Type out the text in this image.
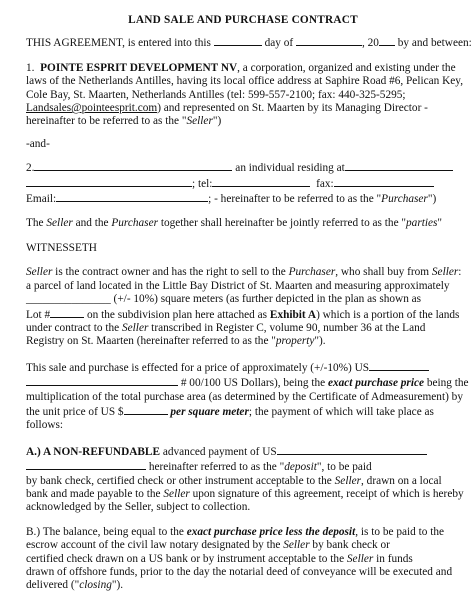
LAND SALE AND PURCHASE CONTRACT

THIS AGREEMENT, is entered into this	day of	, 20 by and between:

1. POINTE ESPRIT DEVELOPMENT NV, a corporation, organized and existing under the

laws of the Netherlands Antilles, having its local office address at Saphire Road #6, Pelican Key,

Cole Bay, St. Maarten, Netherlands Antilles (tel: 599-557-2100; fax: 440-325-5295;

Landsales@pointeesprit.com) and represented on St. Maarten by its Managing Director -

hereinafter to be referred to as the "Seller")

-and-

2.	an individual residing at

; tel:	fax:

Email:	; - hereinafter to be referred to as the "Purchaser")

The Seller and the Purchaser together shall hereinafter be jointly referred to as the "parties"

WITNESSETH

Seller is the contract owner and has the right to sell to the Purchaser, who shall buy from Seller:

a parcel of land located in the Little Bay District of St. Maarten and measuring approximately

_______________ (+/- 10%) square meters (as further depicted in the plan as shown as

Lot #	on the subdivision plan here attached as Exhibit A) which is a portion of the lands

under contract to the Seller transcribed in Register C, volume 90, number 36 at the Land

Registry on St. Maarten (hereinafter referred to as the "property").

This sale and purchase is effected for a price of approximately (+/-10%) US

# 00/100 US Dollars), being the exact purchase price being the

multiplication of the total purchase area (as determined by the Certificate of Admeasurement) by

the unit price of US $	per square meter; the payment of which will take place as

follows:

A.) A NON-REFUNDABLE advanced payment of US

hereinafter referred to as the "deposit", to be paid

by bank check, certified check or other instrument acceptable to the Seller, drawn on a local

bank and made payable to the Seller upon signature of this agreement, receipt of which is hereby

acknowledged by the Seller, subject to collection.

B.) The balance, being equal to the exact purchase price less the deposit, is to be paid to the

escrow account of the civil law notary designated by the Seller by bank check or

certified check drawn on a US bank or by instrument acceptable to the Seller in funds

drawn of offshore funds, prior to the day the notarial deed of conveyance will be executed and

delivered ("closing").
